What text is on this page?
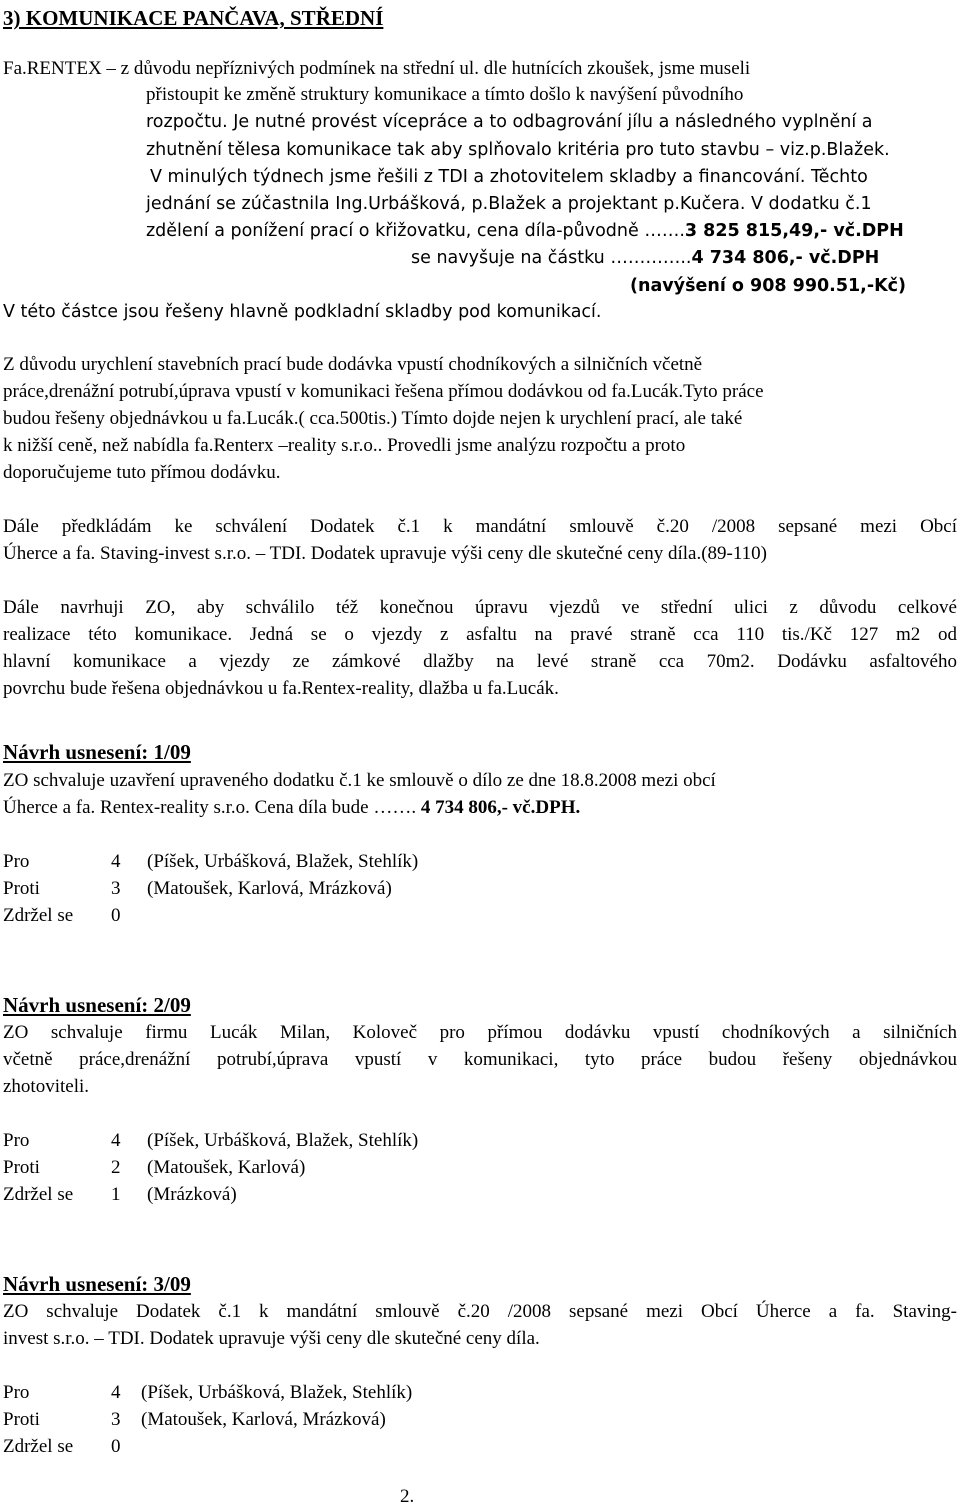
3) KOMUNIKACE PANČAVA, STŘEDNÍ
Fa.RENTEX – z důvodu nepříznivých podmínek na střední ul. dle hutnících zkoušek, jsme museli
přistoupit ke změně struktury komunikace a tímto došlo k navýšení původního
rozpočtu. Je nutné provést vícepráce a to odbagrování jílu a následného vyplnění a
zhutnění tělesa komunikace tak aby splňovalo kritéria pro tuto stavbu – viz.p.Blažek.
V minulých týdnech jsme řešili z TDI a zhotovitelem skladby a financování. Těchto
jednání se zúčastnila Ing.Urbášková, p.Blažek a projektant p.Kučera. V dodatku č.1
zdělení a ponížení prací o křižovatku, cena díla-původně …….3 825 815,49,- vč.DPH
se navyšuje na částku …………..4 734 806,- vč.DPH
(navýšení o 908 990.51,-Kč)
V této částce jsou řešeny hlavně podkladní skladby pod komunikací.
Z důvodu urychlení stavebních prací bude dodávka vpustí chodníkových a silničních včetně
práce,drenážní potrubí,úprava vpustí v komunikaci řešena přímou dodávkou od fa.Lucák.Tyto práce
budou řešeny objednávkou u fa.Lucák.( cca.500tis.) Tímto dojde nejen k urychlení prací, ale také
k nižší ceně, než nabídla fa.Renterx –reality s.r.o.. Provedli jsme analýzu rozpočtu a proto
doporučujeme tuto přímou dodávku.
Dále předkládám ke schválení Dodatek č.1 k mandátní smlouvě č.20 /2008 sepsané mezi Obcí
Úherce a fa. Staving-invest s.r.o. – TDI. Dodatek upravuje výši ceny dle skutečné ceny díla.(89-110)
Dále navrhuji ZO, aby schválilo též konečnou úpravu vjezdů ve střední ulici z důvodu celkové
realizace této komunikace. Jedná se o vjezdy z asfaltu na pravé straně cca 110 tis./Kč 127 m2 od
hlavní komunikace a vjezdy ze zámkové dlažby na levé straně cca 70m2. Dodávku asfaltového
povrchu bude řešena objednávkou u fa.Rentex-reality, dlažba u fa.Lucák.
Návrh usnesení: 1/09
ZO schvaluje uzavření upraveného dodatku č.1 ke smlouvě o dílo ze dne 18.8.2008 mezi obcí
Úherce a fa. Rentex-reality s.r.o. Cena díla bude ……. 4 734 806,- vč.DPH.
Pro	4 (Píšek, Urbášková, Blažek, Stehlík)
Proti	3 (Matoušek, Karlová, Mrázková)
Zdržel se 0
Návrh usnesení: 2/09
ZO schvaluje firmu Lucák Milan, Koloveč pro přímou dodávku vpustí chodníkových a silničních
včetně práce,drenážní potrubí,úprava vpustí v komunikaci, tyto práce budou řešeny objednávkou
zhotoviteli.
Pro	4 (Píšek, Urbášková, Blažek, Stehlík)
Proti	2 (Matoušek, Karlová)
Zdržel se 1 (Mrázková)
Návrh usnesení: 3/09
ZO schvaluje Dodatek č.1 k mandátní smlouvě č.20 /2008 sepsané mezi Obcí Úherce a fa. Staving-
invest s.r.o. – TDI. Dodatek upravuje výši ceny dle skutečné ceny díla.
Pro	4 (Píšek, Urbášková, Blažek, Stehlík)
Proti	3 (Matoušek, Karlová, Mrázková)
Zdržel se 0
2.
